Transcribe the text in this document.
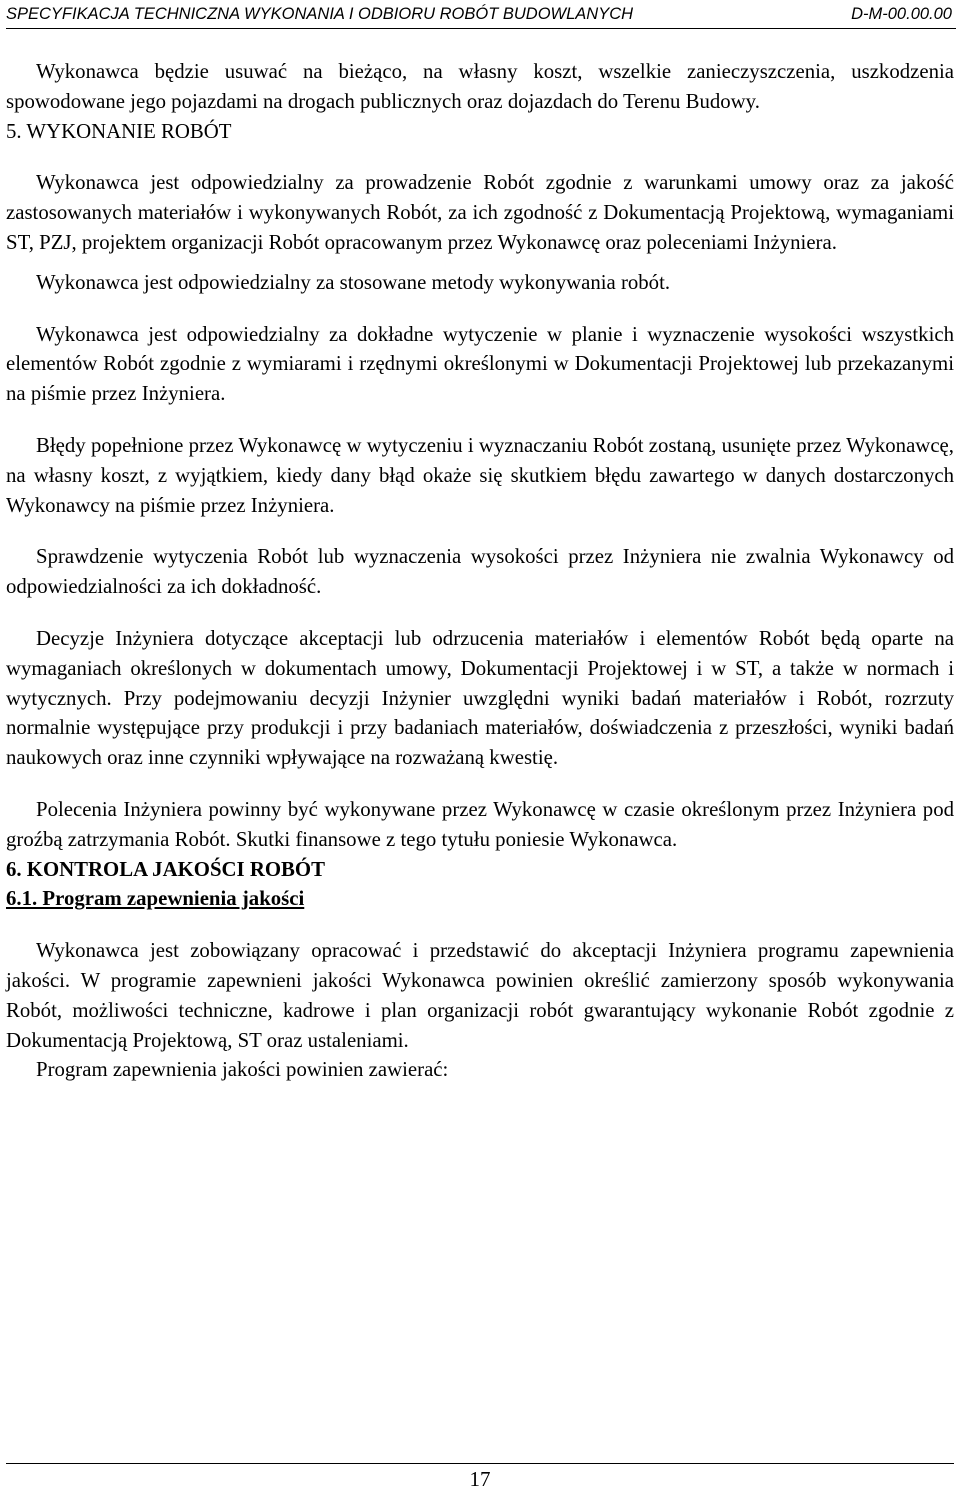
SPECYFIKACJA TECHNICZNA WYKONANIA I ODBIORU ROBÓT BUDOWLANYCH	D-M-00.00.00

Wykonawca będzie usuwać na bieżąco, na własny koszt, wszelkie zanieczyszczenia, uszkodzenia spowodowane jego pojazdami na drogach publicznych oraz dojazdach do Terenu Budowy.

5. WYKONANIE ROBÓT

Wykonawca jest odpowiedzialny za prowadzenie Robót zgodnie z warunkami umowy oraz za jakość zastosowanych materiałów i wykonywanych Robót, za ich zgodność z Dokumentacją Projektową, wymaganiami ST, PZJ, projektem organizacji Robót opracowanym przez Wykonawcę oraz poleceniami Inżyniera.

Wykonawca jest odpowiedzialny za stosowane metody wykonywania robót.

Wykonawca jest odpowiedzialny za dokładne wytyczenie w planie i wyznaczenie wysokości wszystkich elementów Robót zgodnie z wymiarami i rzędnymi określonymi w Dokumentacji Projektowej lub przekazanymi na piśmie przez Inżyniera.

Błędy popełnione przez Wykonawcę w wytyczeniu i wyznaczaniu Robót zostaną, usunięte przez Wykonawcę, na własny koszt, z wyjątkiem, kiedy dany błąd okaże się skutkiem błędu zawartego w danych dostarczonych Wykonawcy na piśmie przez Inżyniera.

Sprawdzenie wytyczenia Robót lub wyznaczenia wysokości przez Inżyniera nie zwalnia Wykonawcy od odpowiedzialności za ich dokładność.

Decyzje Inżyniera dotyczące akceptacji lub odrzucenia materiałów i elementów Robót będą oparte na wymaganiach określonych w dokumentach umowy, Dokumentacji Projektowej i w ST, a także w normach i wytycznych. Przy podejmowaniu decyzji Inżynier uwzględni wyniki badań materiałów i Robót, rozrzuty normalnie występujące przy produkcji i przy badaniach materiałów, doświadczenia z przeszłości, wyniki badań naukowych oraz inne czynniki wpływające na rozważaną kwestię.

Polecenia Inżyniera powinny być wykonywane przez Wykonawcę w czasie określonym przez Inżyniera pod groźbą zatrzymania Robót. Skutki finansowe z tego tytułu poniesie Wykonawca.

6. KONTROLA JAKOŚCI ROBÓT

6.1. Program zapewnienia jakości

Wykonawca jest zobowiązany opracować i przedstawić do akceptacji Inżyniera programu zapewnienia jakości. W programie zapewnieni jakości Wykonawca powinien określić zamierzony sposób wykonywania Robót, możliwości techniczne, kadrowe i plan organizacji robót gwarantujący wykonanie Robót zgodnie z Dokumentacją Projektową, ST oraz ustaleniami.

Program zapewnienia jakości powinien zawierać:

17
